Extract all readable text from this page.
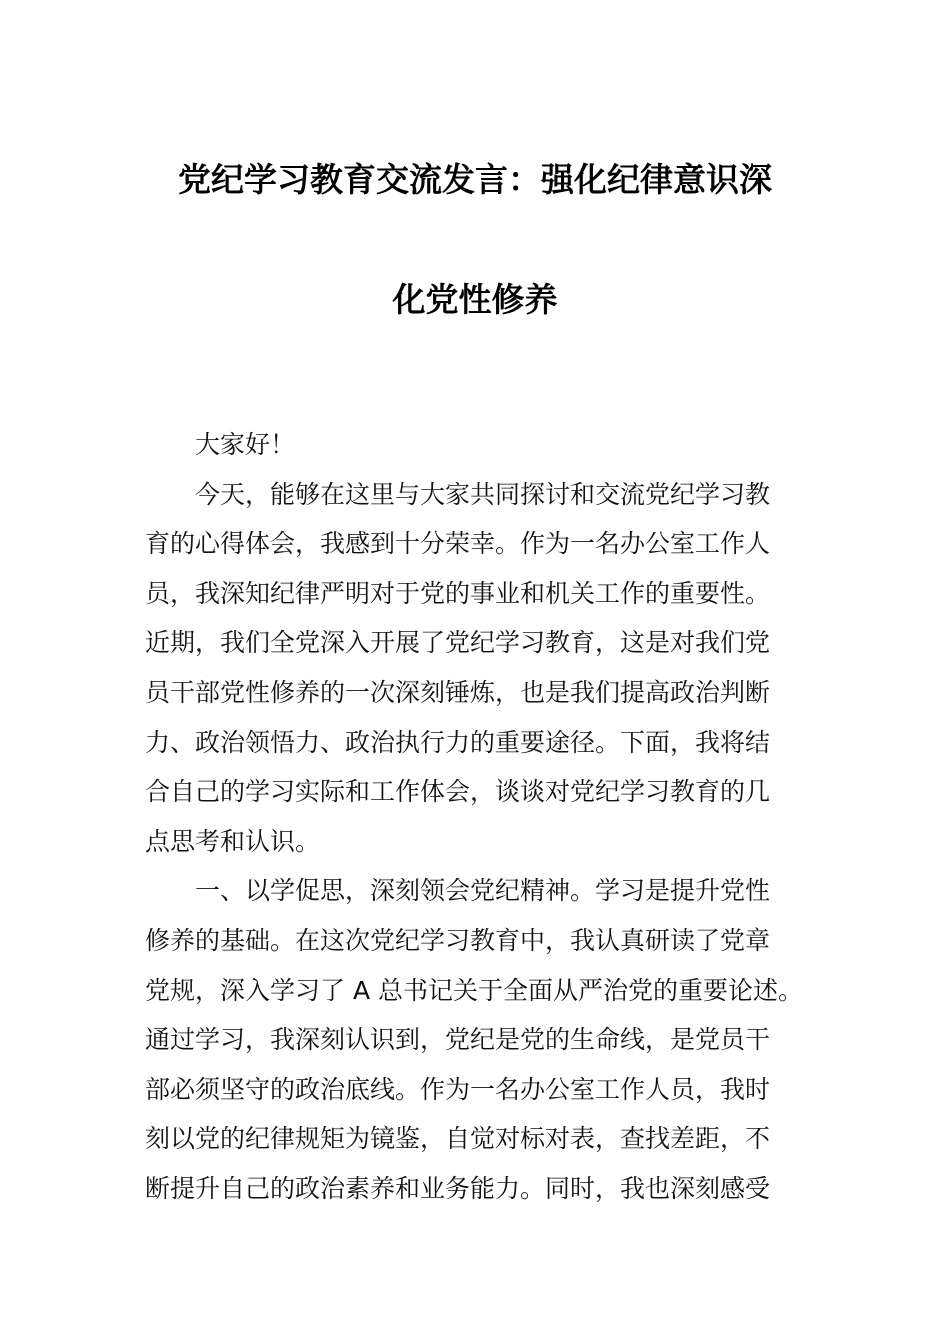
党纪学习教育交流发言：强化纪律意识深
化党性修养
大家好！
今天，能够在这里与大家共同探讨和交流党纪学习教
育的心得体会，我感到十分荣幸。作为一名办公室工作人
员，我深知纪律严明对于党的事业和机关工作的重要性。
近期，我们全党深入开展了党纪学习教育，这是对我们党
员干部党性修养的一次深刻锤炼，也是我们提高政治判断
力、政治领悟力、政治执行力的重要途径。下面，我将结
合自己的学习实际和工作体会，谈谈对党纪学习教育的几
点思考和认识。
一、以学促思，深刻领会党纪精神。学习是提升党性
修养的基础。在这次党纪学习教育中，我认真研读了党章
党规，深入学习了 A 总书记关于全面从严治党的重要论述。
通过学习，我深刻认识到，党纪是党的生命线，是党员干
部必须坚守的政治底线。作为一名办公室工作人员，我时
刻以党的纪律规矩为镜鉴，自觉对标对表，查找差距，不
断提升自己的政治素养和业务能力。同时，我也深刻感受
